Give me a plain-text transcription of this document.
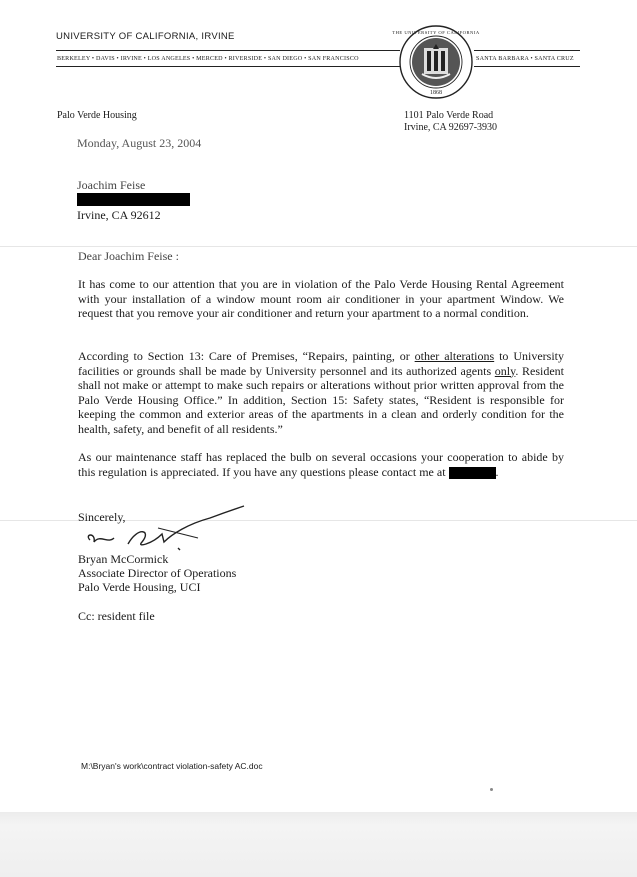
UNIVERSITY OF CALIFORNIA, IRVINE
BERKELEY • DAVIS • IRVINE • LOS ANGELES • MERCED • RIVERSIDE • SAN DIEGO • SAN FRANCISCO	SANTA BARBARA • SANTA CRUZ
1868
THE UNIVERSITY OF CALIFORNIA
Palo Verde Housing	1101 Palo Verde Road
Irvine, CA 92697-3930
Monday, August 23, 2004
Joachim Feise
Irvine, CA 92612
Dear Joachim Feise :
It has come to our attention that you are in violation of the Palo Verde Housing Rental Agreement with your installation of a window mount room air conditioner in your apartment Window. We request that you remove your air conditioner and return your apartment to a normal condition.
According to Section 13: Care of Premises, “Repairs, painting, or other alterations to University facilities or grounds shall be made by University personnel and its authorized agents only. Resident shall not make or attempt to make such repairs or alterations without prior written approval from the Palo Verde Housing Office.” In addition, Section 15: Safety states, “Resident is responsible for keeping the common and exterior areas of the apartments in a clean and orderly condition for the health, safety, and benefit of all residents.”
As our maintenance staff has replaced the bulb on several occasions your cooperation to abide by this regulation is appreciated. If you have any questions please contact me at	.
Sincerely,
Bryan McCormick
Associate Director of Operations
Palo Verde Housing, UCI
Cc: resident file
M:\Bryan's work\contract violation-safety AC.doc
